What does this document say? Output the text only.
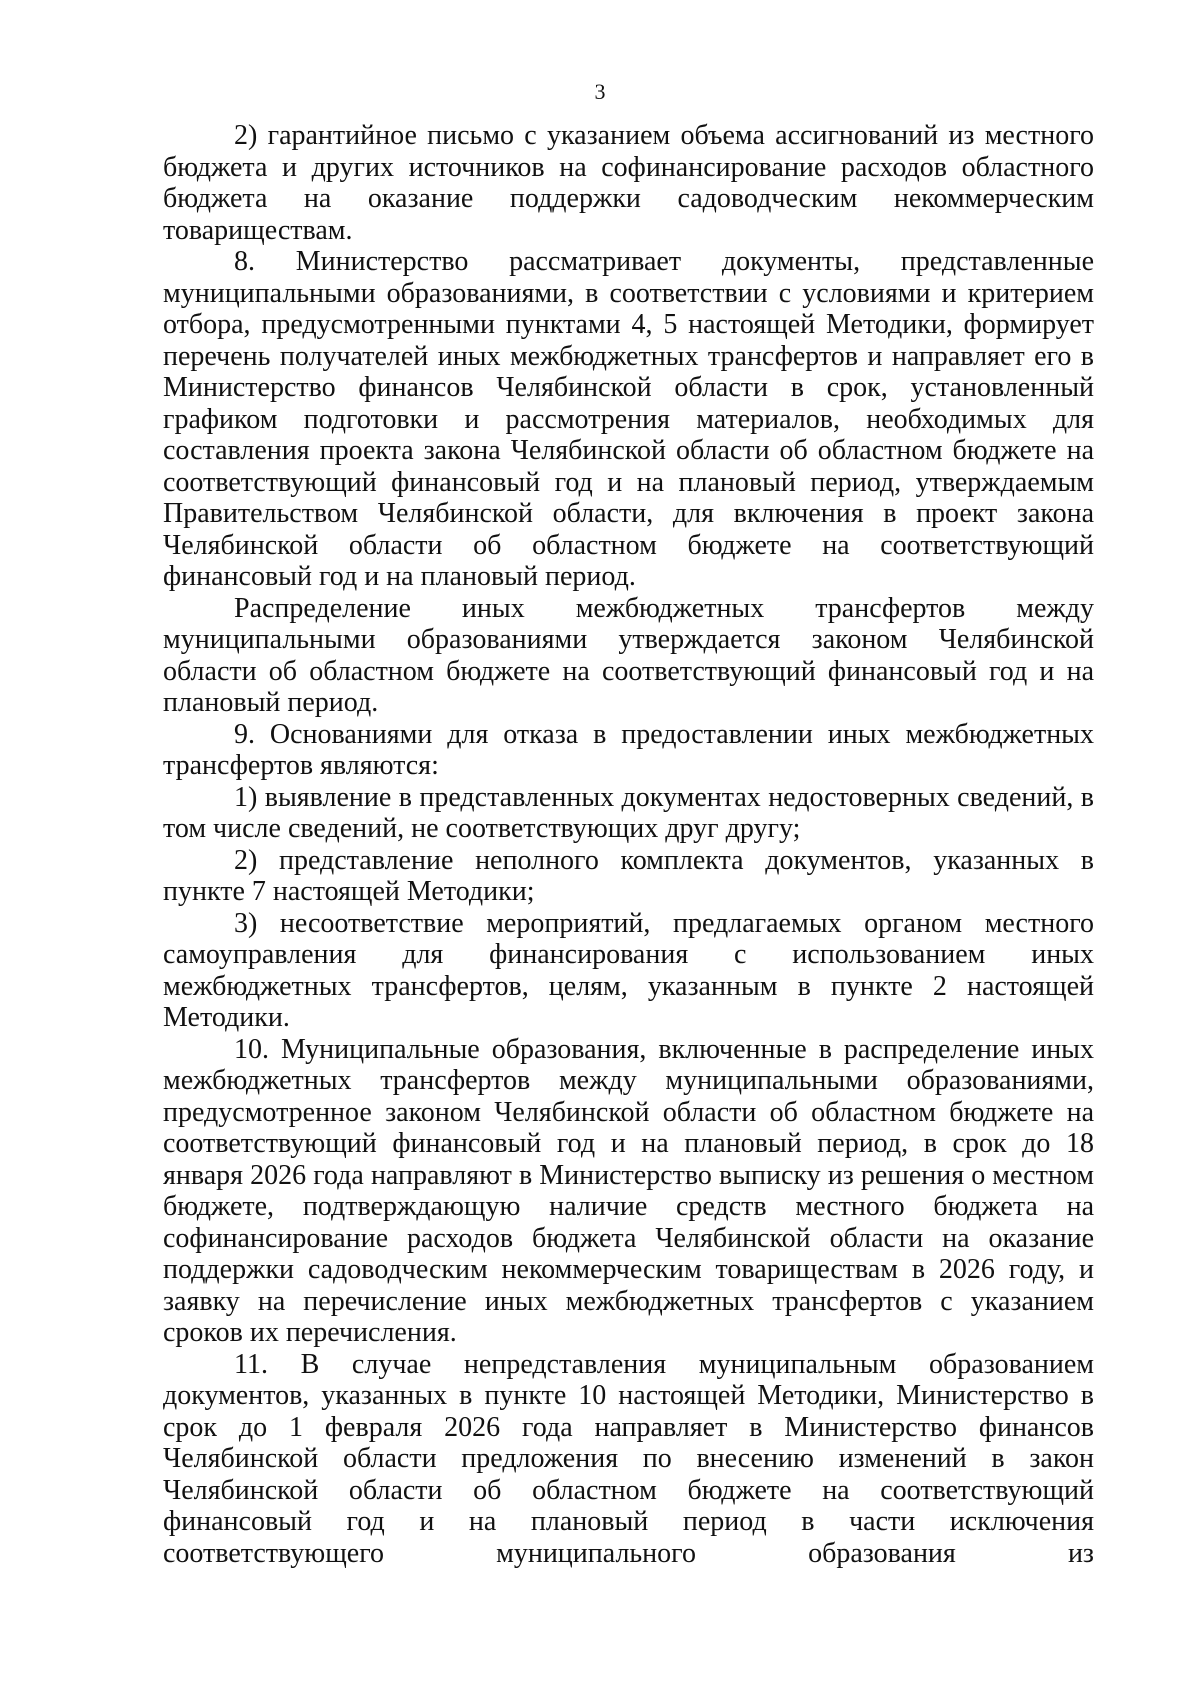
3

2) гарантийное письмо с указанием объема ассигнований из местного бюджета и других источников на софинансирование расходов областного бюджета на оказание поддержки садоводческим некоммерческим товариществам.

8. Министерство рассматривает документы, представленные муниципальными образованиями, в соответствии с условиями и критерием отбора, предусмотренными пунктами 4, 5 настоящей Методики, формирует перечень получателей иных межбюджетных трансфертов и направляет его в Министерство финансов Челябинской области в срок, установленный графиком подготовки и рассмотрения материалов, необходимых для составления проекта закона Челябинской области об областном бюджете на соответствующий финансовый год и на плановый период, утверждаемым Правительством Челябинской области, для включения в проект закона Челябинской области об областном бюджете на соответствующий финансовый год и на плановый период.

Распределение иных межбюджетных трансфертов между муниципальными образованиями утверждается законом Челябинской области об областном бюджете на соответствующий финансовый год и на плановый период.

9. Основаниями для отказа в предоставлении иных межбюджетных трансфертов являются:

1) выявление в представленных документах недостоверных сведений, в том числе сведений, не соответствующих друг другу;

2) представление неполного комплекта документов, указанных в пункте 7 настоящей Методики;

3) несоответствие мероприятий, предлагаемых органом местного самоуправления для финансирования с использованием иных межбюджетных трансфертов, целям, указанным в пункте 2 настоящей Методики.

10. Муниципальные образования, включенные в распределение иных межбюджетных трансфертов между муниципальными образованиями, предусмотренное законом Челябинской области об областном бюджете на соответствующий финансовый год и на плановый период, в срок до 18 января 2026 года направляют в Министерство выписку из решения о местном бюджете, подтверждающую наличие средств местного бюджета на софинансирование расходов бюджета Челябинской области на оказание поддержки садоводческим некоммерческим товариществам в 2026 году, и заявку на перечисление иных межбюджетных трансфертов с указанием сроков их перечисления.

11. В случае непредставления муниципальным образованием документов, указанных в пункте 10 настоящей Методики, Министерство в срок до 1 февраля 2026 года направляет в Министерство финансов Челябинской области предложения по внесению изменений в закон Челябинской области об областном бюджете на соответствующий финансовый год и на плановый период в части исключения соответствующего муниципального образования из
